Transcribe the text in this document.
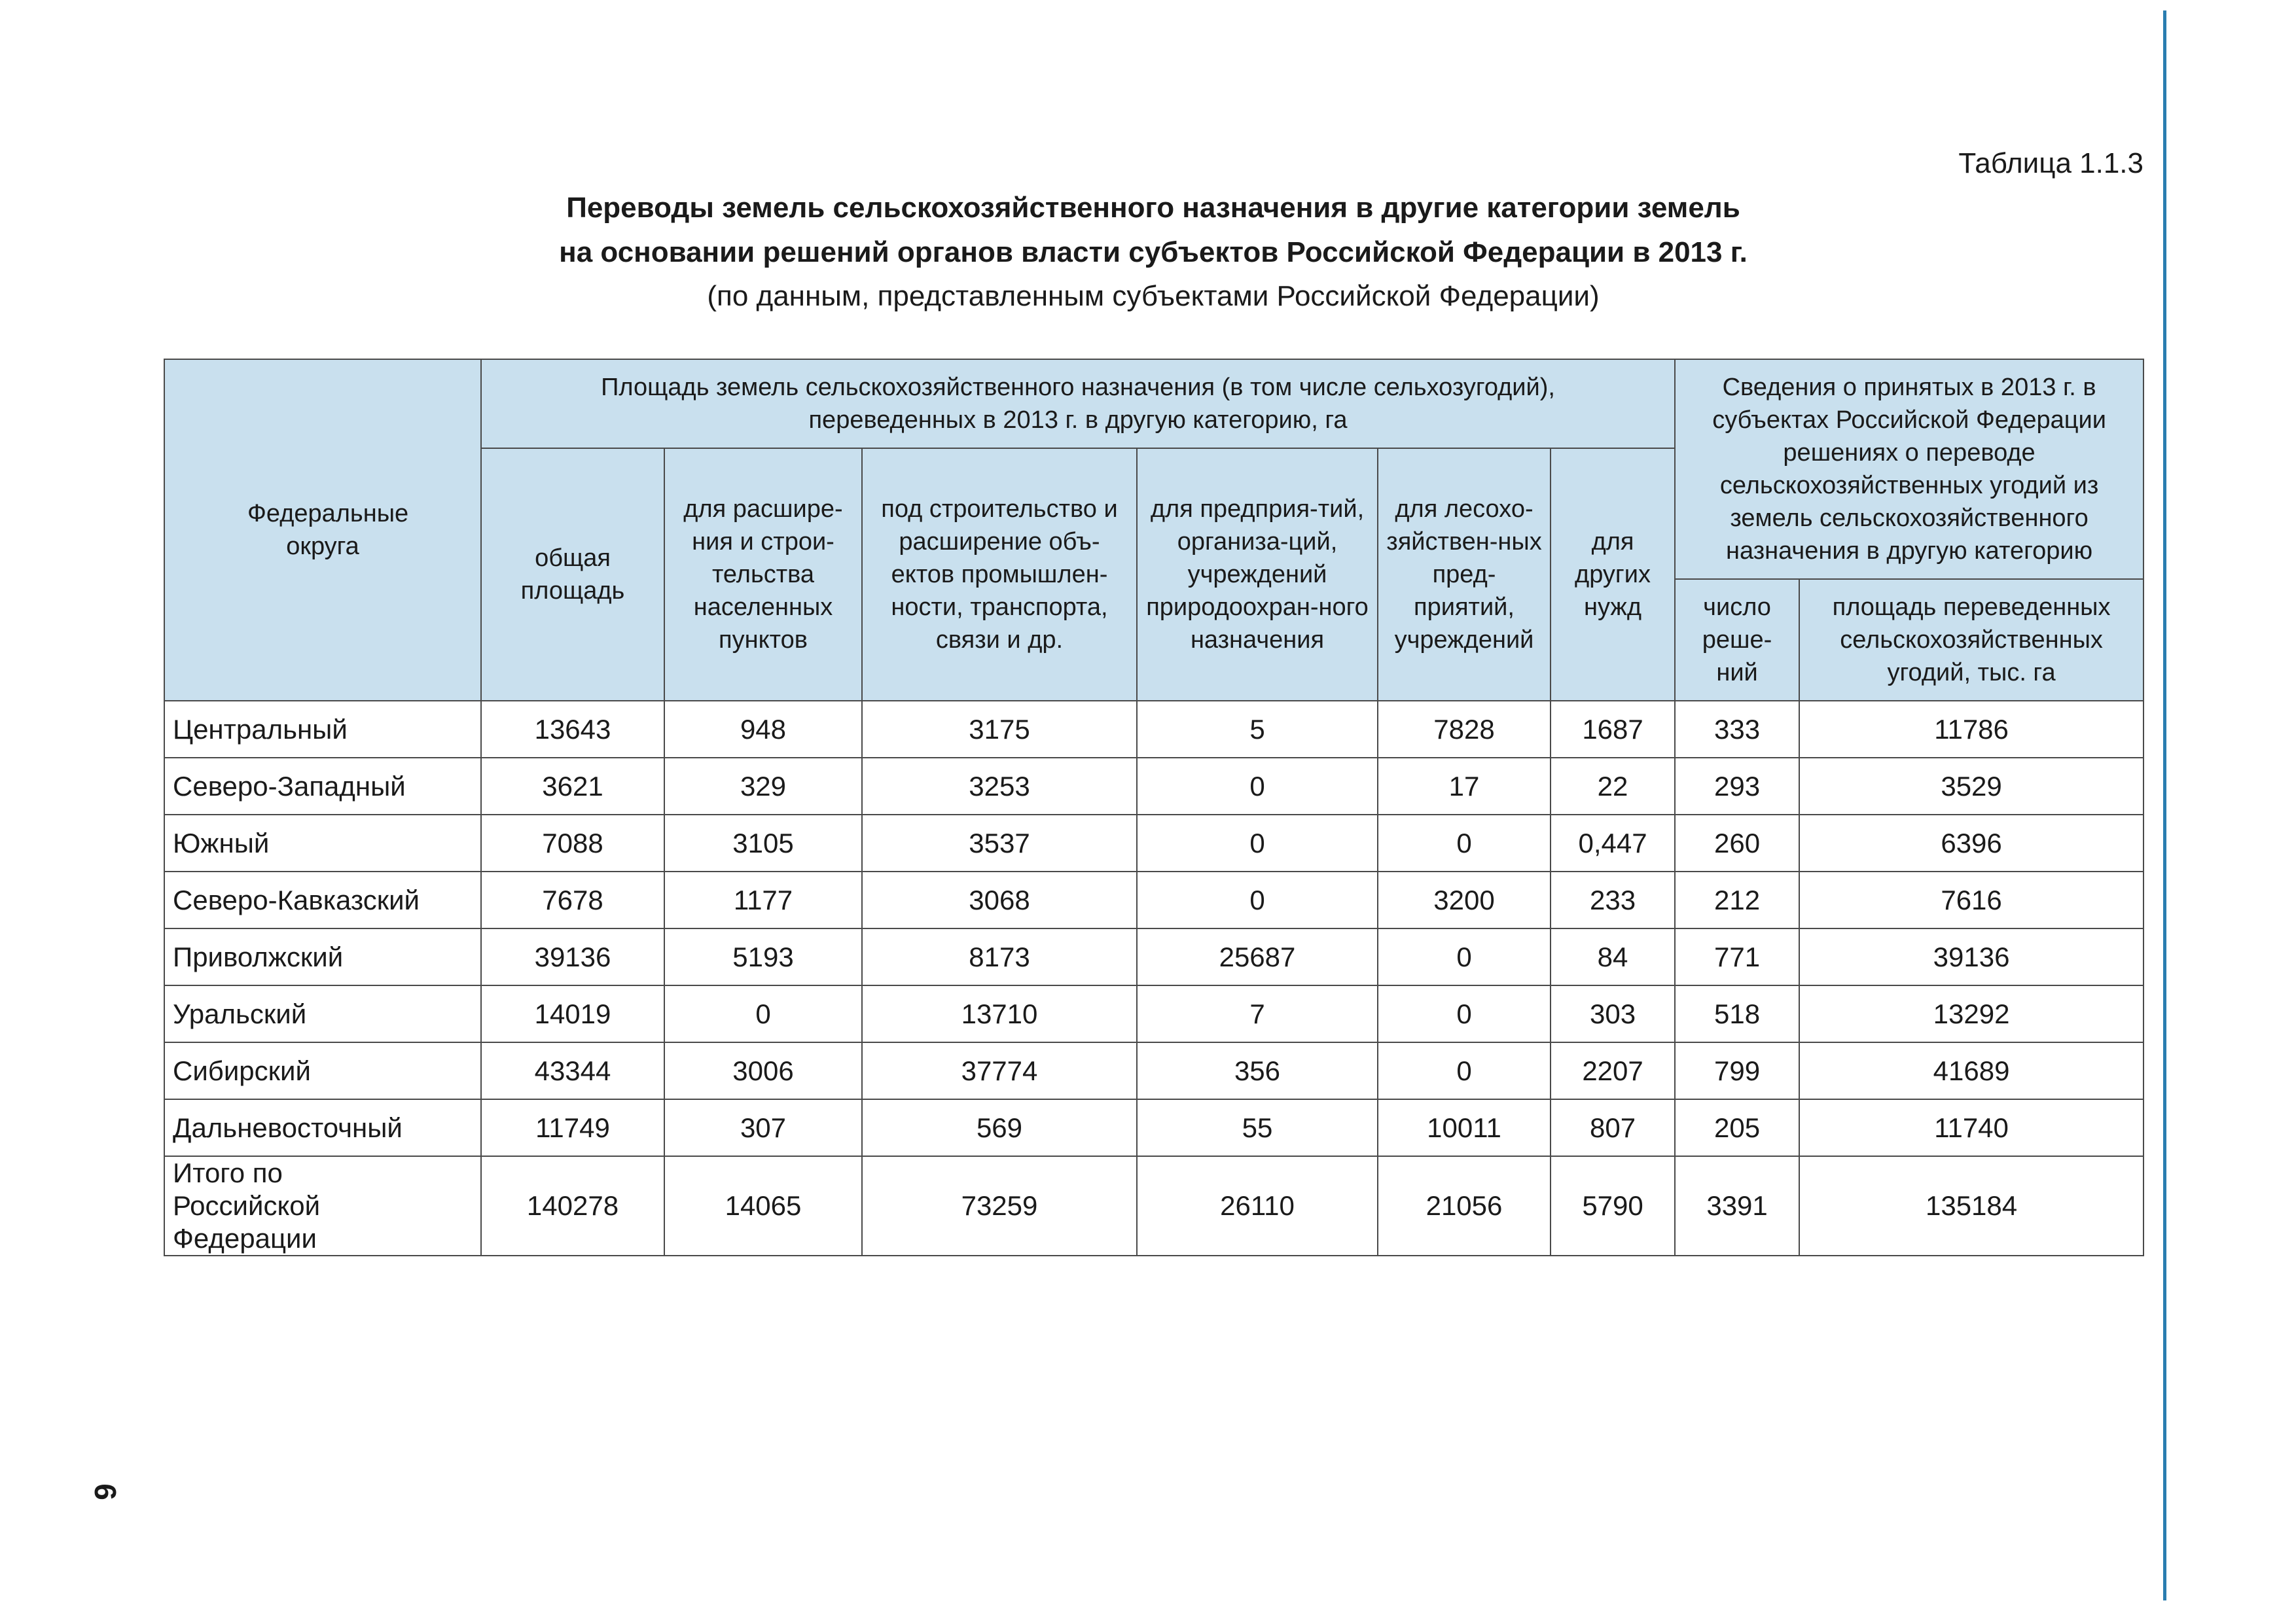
Таблица 1.1.3
Переводы земель сельскохозяйственного назначения в другие категории земель
на основании решений органов власти субъектов Российской Федерации в 2013 г.
(по данным, представленным субъектами Российской Федерации)
Федеральные округа	Площадь земель сельскохозяйственного назначения (в том числе сельхозугодий), переведенных в 2013 г. в другую категорию, га						Сведения о принятых в 2013 г. в субъектах Российской Федерации решениях о переводе сельскохозяйственных угодий из земель сельскохозяйственного назначения в другую категорию	

	общая площадь	для расшире-ния и строи-тельства населенных пунктов	под строительство и расширение объ-ектов промышлен-ности, транспорта, связи и др.	для предприя-тий, организа-ций, учреждений природоохран-ного назначения	для лесохо-зяйствен-ных пред-приятий, учреждений	для других нужд		

							число реше-ний	площадь переведенных сельскохозяйственных угодий, тыс. га
Центральный	13643	948	3175	5	7828	1687	333	11786
Северо-Западный	3621	329	3253	0	17	22	293	3529
Южный	7088	3105	3537	0	0	0,447	260	6396
Северо-Кавказский	7678	1177	3068	0	3200	233	212	7616
Приволжский	39136	5193	8173	25687	0	84	771	39136
Уральский	14019	0	13710	7	0	303	518	13292
Сибирский	43344	3006	37774	356	0	2207	799	41689
Дальневосточный	11749	307	569	55	10011	807	205	11740
Итого по Российской Федерации	140278	14065	73259	26110	21056	5790	3391	135184
6
